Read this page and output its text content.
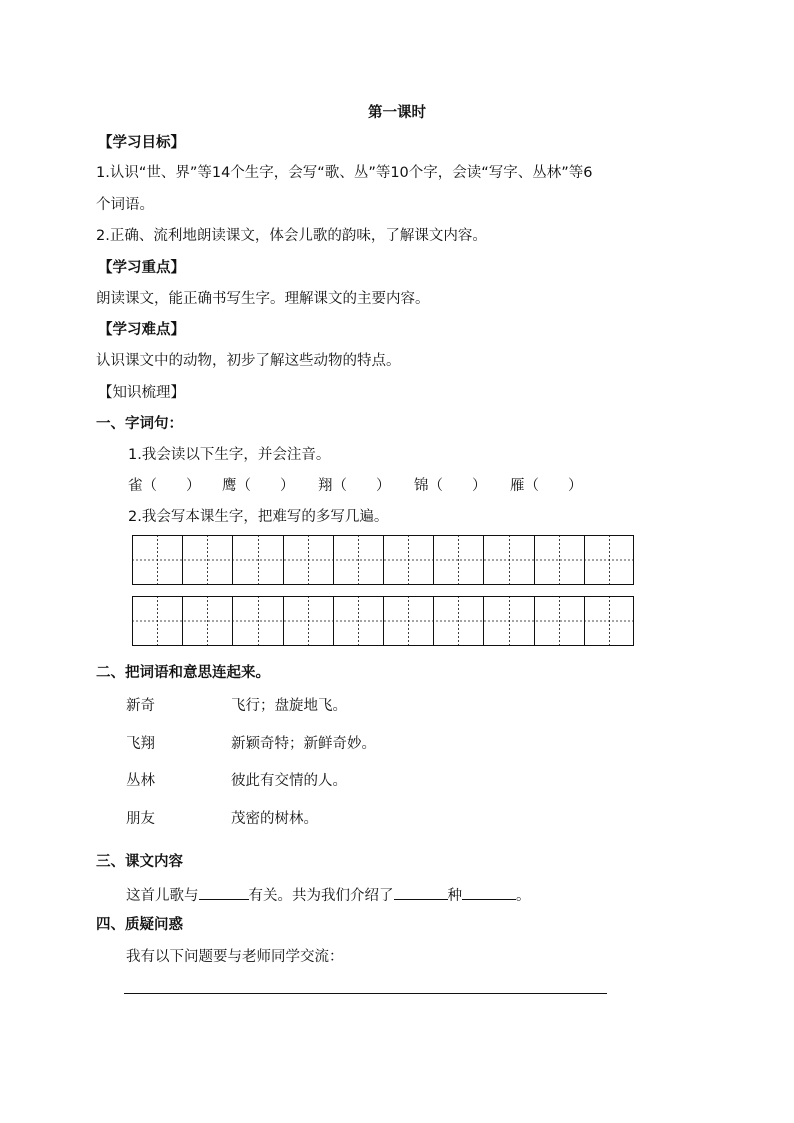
第一课时
【学习目标】
1.认识“世、界”等14个生字，会写“歌、丛”等10个字，会读“写字、丛林”等6
个词语。
2.正确、流利地朗读课文，体会儿歌的韵味，了解课文内容。
【学习重点】
朗读课文，能正确书写生字。理解课文的主要内容。
【学习难点】
认识课文中的动物，初步了解这些动物的特点。
【知识梳理】
一、字词句：
1.我会读以下生字，并会注音。
雀（　　） 鹰（　　） 翔（　　） 锦（　　） 雁（　　）
2.我会写本课生字，把难写的多写几遍。
二、把词语和意思连起来。
新奇	飞行；盘旋地飞。
飞翔	新颖奇特；新鲜奇妙。
丛林	彼此有交情的人。
朋友	茂密的树林。
三、课文内容
这首儿歌与	有关。共为我们介绍了	种	。
四、质疑问惑
我有以下问题要与老师同学交流：
